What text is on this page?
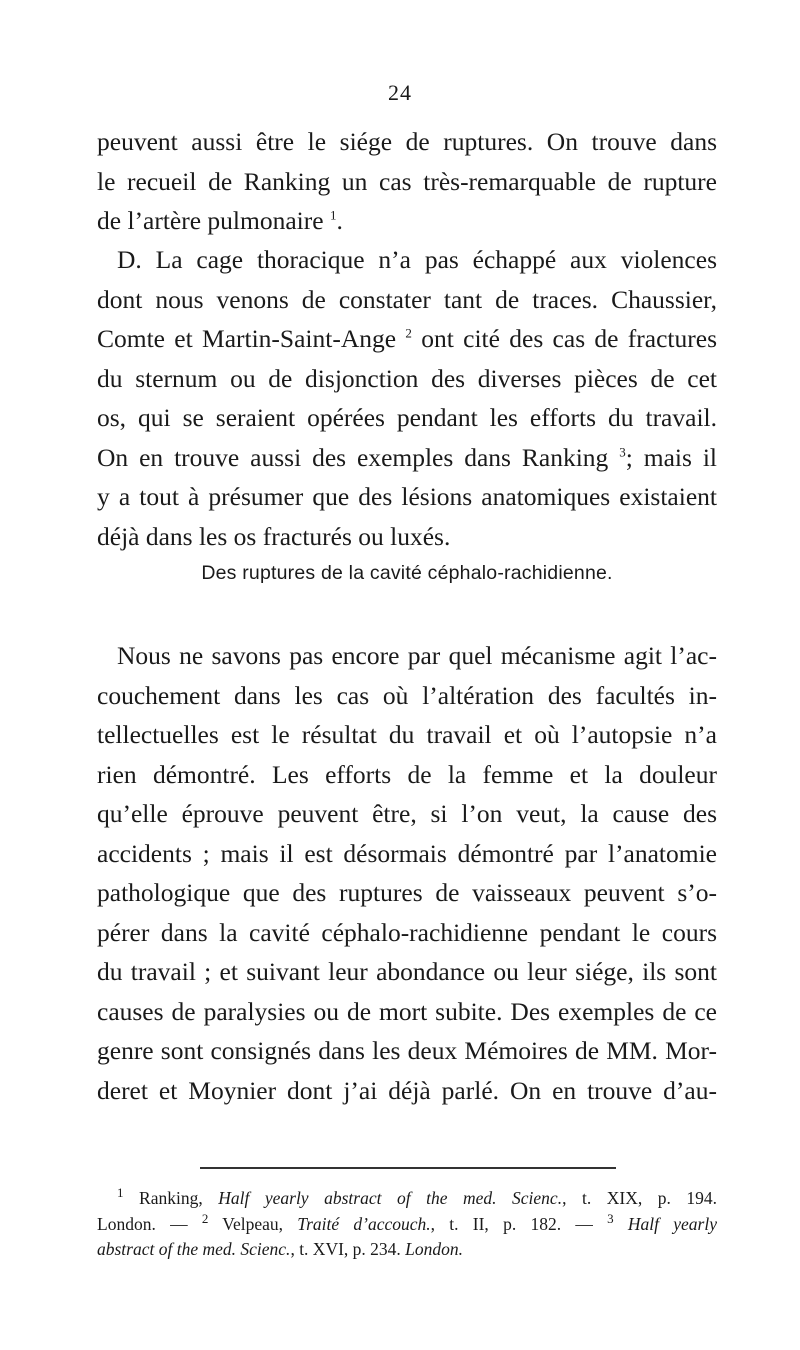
24
peuvent aussi être le siége de ruptures. On trouve dans
le recueil de Ranking un cas très-remarquable de rupture
de l’artère pulmonaire $^1$.
D. La cage thoracique n’a pas échappé aux violences
dont nous venons de constater tant de traces. Chaussier,
Comte et Martin-Saint-Ange $^2$ ont cité des cas de fractures
du sternum ou de disjonction des diverses pièces de cet
os, qui se seraient opérées pendant les efforts du travail.
On en trouve aussi des exemples dans Ranking $^3$; mais il
y a tout à présumer que des lésions anatomiques existaient
déjà dans les os fracturés ou luxés.
Des ruptures de la cavité céphalo-rachidienne.
Nous ne savons pas encore par quel mécanisme agit l’ac-
couchement dans les cas où l’altération des facultés in-
tellectuelles est le résultat du travail et où l’autopsie n’a
rien démontré. Les efforts de la femme et la douleur
qu’elle éprouve peuvent être, si l’on veut, la cause des
accidents ; mais il est désormais démontré par l’anatomie
pathologique que des ruptures de vaisseaux peuvent s’o-
pérer dans la cavité céphalo-rachidienne pendant le cours
du travail ; et suivant leur abondance ou leur siége, ils sont
causes de paralysies ou de mort subite. Des exemples de ce
genre sont consignés dans les deux Mémoires de MM. Mor-
deret et Moynier dont j’ai déjà parlé. On en trouve d’au-
$^1$ Ranking, Half yearly abstract of the med. Scienc., t. XIX, p. 194.
London. — $^2$ Velpeau, Traité d’accouch., t. II, p. 182. — $^3$ Half yearly
abstract of the med. Scienc., t. XVI, p. 234. London.
